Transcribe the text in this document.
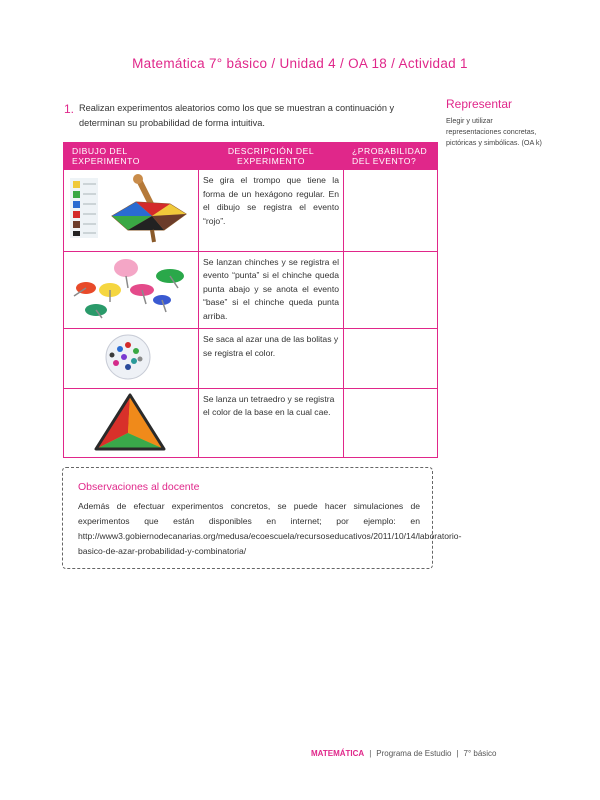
Matemática 7° básico / Unidad 4 / OA 18 / Actividad 1
1. Realizan experimentos aleatorios como los que se muestran a continuación y determinan su probabilidad de forma intuitiva.
Representar
Elegir y utilizar representaciones concretas, pictóricas y simbólicas. (OA k)
DIBUJO DEL EXPERIMENTO	DESCRIPCIÓN DEL EXPERIMENTO	¿PROBABILIDAD DEL EVENTO?
	Se gira el trompo que tiene la forma de un hexágono regular. En el dibujo se registra el evento “rojo”.	
	Se lanzan chinches y se registra el evento “punta” si el chinche queda punta abajo y se anota el evento “base” si el chinche queda punta arriba.	
	Se saca al azar una de las bolitas y se registra el color.	
	Se lanza un tetraedro y se registra el color de la base en la cual cae.	
Observaciones al docente
Además de efectuar experimentos concretos, se puede hacer simulaciones de experimentos que están disponibles en internet; por ejemplo: en http://www3.gobiernodecanarias.org/medusa/ecoescuela/recursoseducativos/2011/10/14/laboratorio-basico-de-azar-probabilidad-y-combinatoria/
MATEMÁTICA | Programa de Estudio | 7° básico
